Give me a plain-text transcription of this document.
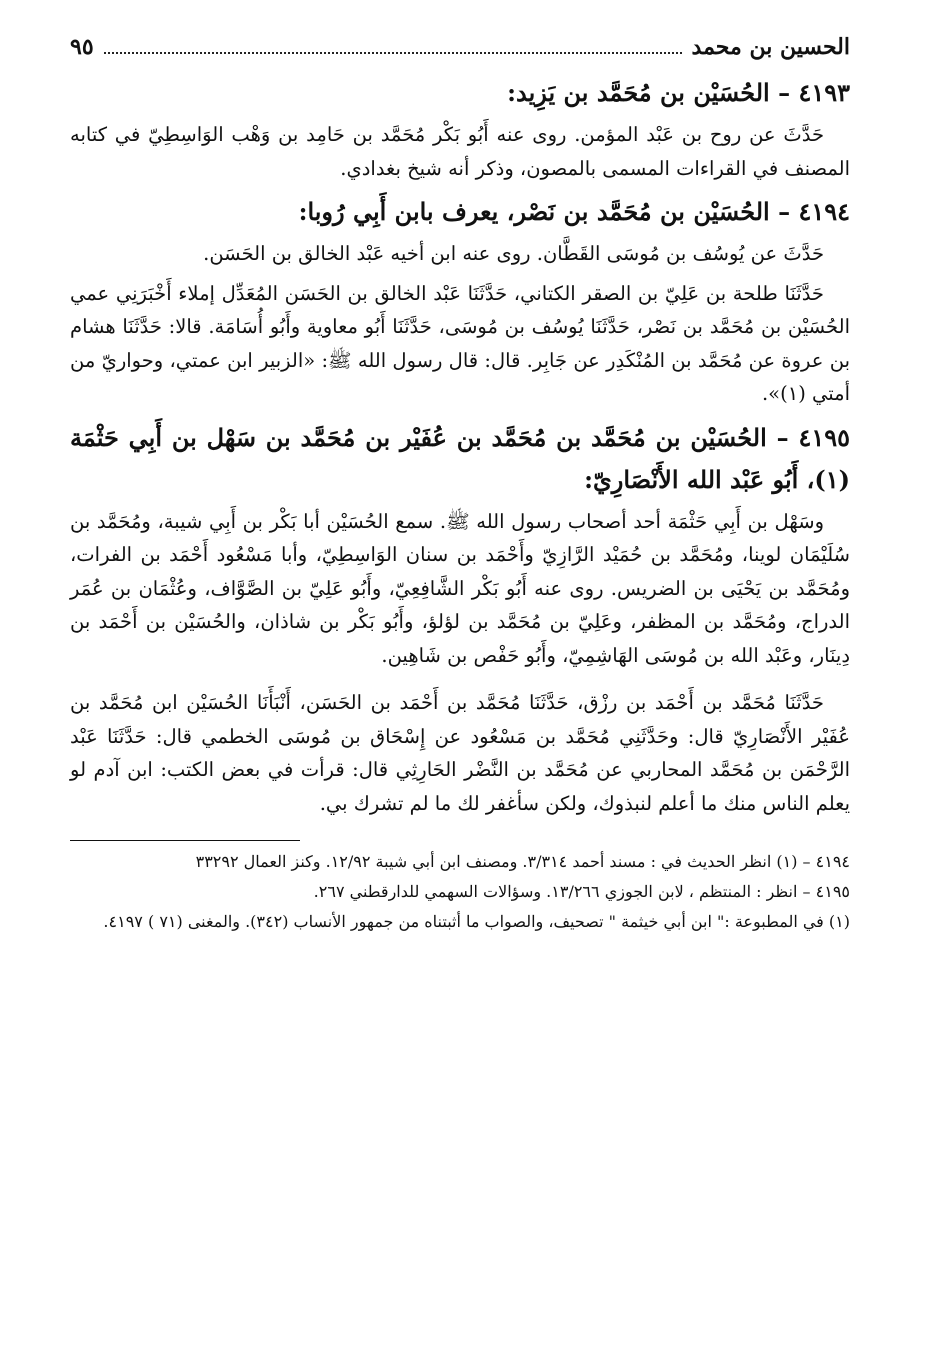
الحسين بن محمد
٩٥
٤١٩٣ – الحُسَيْن بن مُحَمَّد بن يَزِيد:

حَدَّثَ عن روح بن عَبْد المؤمن. روى عنه أَبُو بَكْر مُحَمَّد بن حَامِد بن وَهْب الوَاسِطِيّ في كتابه المصنف في القراءات المسمى بالمصون، وذكر أنه شيخ بغدادي.

٤١٩٤ – الحُسَيْن بن مُحَمَّد بن نَصْر، يعرف بابن أَبِي رُوبا:

حَدَّثَ عن يُوسُف بن مُوسَى القَطَّان. روى عنه ابن أخيه عَبْد الخالق بن الحَسَن.

حَدَّثَنَا طلحة بن عَلِيّ بن الصقر الكتاني، حَدَّثَنَا عَبْد الخالق بن الحَسَن المُعَدِّل إملاء أَخْبَرَنِي عمي الحُسَيْن بن مُحَمَّد بن نَصْر، حَدَّثَنَا يُوسُف بن مُوسَى، حَدَّثَنَا أَبُو معاوية وأَبُو أُسَامَة. قالا: حَدَّثَنَا هشام بن عروة عن مُحَمَّد بن المُنْكَدِر عن جَابِر. قال: قال رسول الله ﷺ: «الزبير ابن عمتي، وحواريّ من أمتي (١)».

٤١٩٥ – الحُسَيْن بن مُحَمَّد بن مُحَمَّد بن عُفَيْر بن مُحَمَّد بن سَهْل بن أَبِي حَثْمَة (١)، أَبُو عَبْد الله الأَنْصَارِيّ:

وسَهْل بن أَبِي حَثْمَة أحد أصحاب رسول الله ﷺ. سمع الحُسَيْن أبا بَكْر بن أَبِي شيبة، ومُحَمَّد بن سُلَيْمَان لوينا، ومُحَمَّد بن حُمَيْد الرَّازِيّ وأَحْمَد بن سنان الوَاسِطِيّ، وأبا مَسْعُود أَحْمَد بن الفرات، ومُحَمَّد بن يَحْيَى بن الضريس. روى عنه أَبُو بَكْر الشَّافِعِيّ، وأَبُو عَلِيّ بن الصَّوَّاف، وعُثْمَان بن عُمَر الدراج، ومُحَمَّد بن المظفر، وعَلِيّ بن مُحَمَّد بن لؤلؤ، وأَبُو بَكْر بن شاذان، والحُسَيْن بن أَحْمَد بن دِينَار، وعَبْد الله بن مُوسَى الهَاشِمِيّ، وأَبُو حَفْص بن شَاهِين.

حَدَّثَنَا مُحَمَّد بن أَحْمَد بن رزْق، حَدَّثَنَا مُحَمَّد بن أَحْمَد بن الحَسَن، أَنْبَأَنَا الحُسَيْن ابن مُحَمَّد بن عُفَيْر الأَنْصَارِيّ قال: وحَدَّثَنِي مُحَمَّد بن مَسْعُود عن إِسْحَاق بن مُوسَى الخطمي قال: حَدَّثَنَا عَبْد الرَّحْمَن بن مُحَمَّد المحاربي عن مُحَمَّد بن النَّضْر الحَارِثِي قال: قرأت في بعض الكتب: ابن آدم لو يعلم الناس منك ما أعلم لنبذوك، ولكن سأغفر لك ما لم تشرك بي.

٤١٩٤ – (١) انظر الحديث في : مسند أحمد ٣/٣١٤. ومصنف ابن أبي شيبة ١٢/٩٢. وكنز العمال ٣٣٢٩٢

٤١٩٥ – انظر : المنتظم ، لابن الجوزي ١٣/٢٦٦. وسؤالات السهمي للدارقطني ٢٦٧.

(١) في المطبوعة :" ابن أبي خيثمة " تصحيف، والصواب ما أثبتناه من جمهور الأنساب (٣٤٢). والمغنى (٧١ ) ٤١٩٧.
